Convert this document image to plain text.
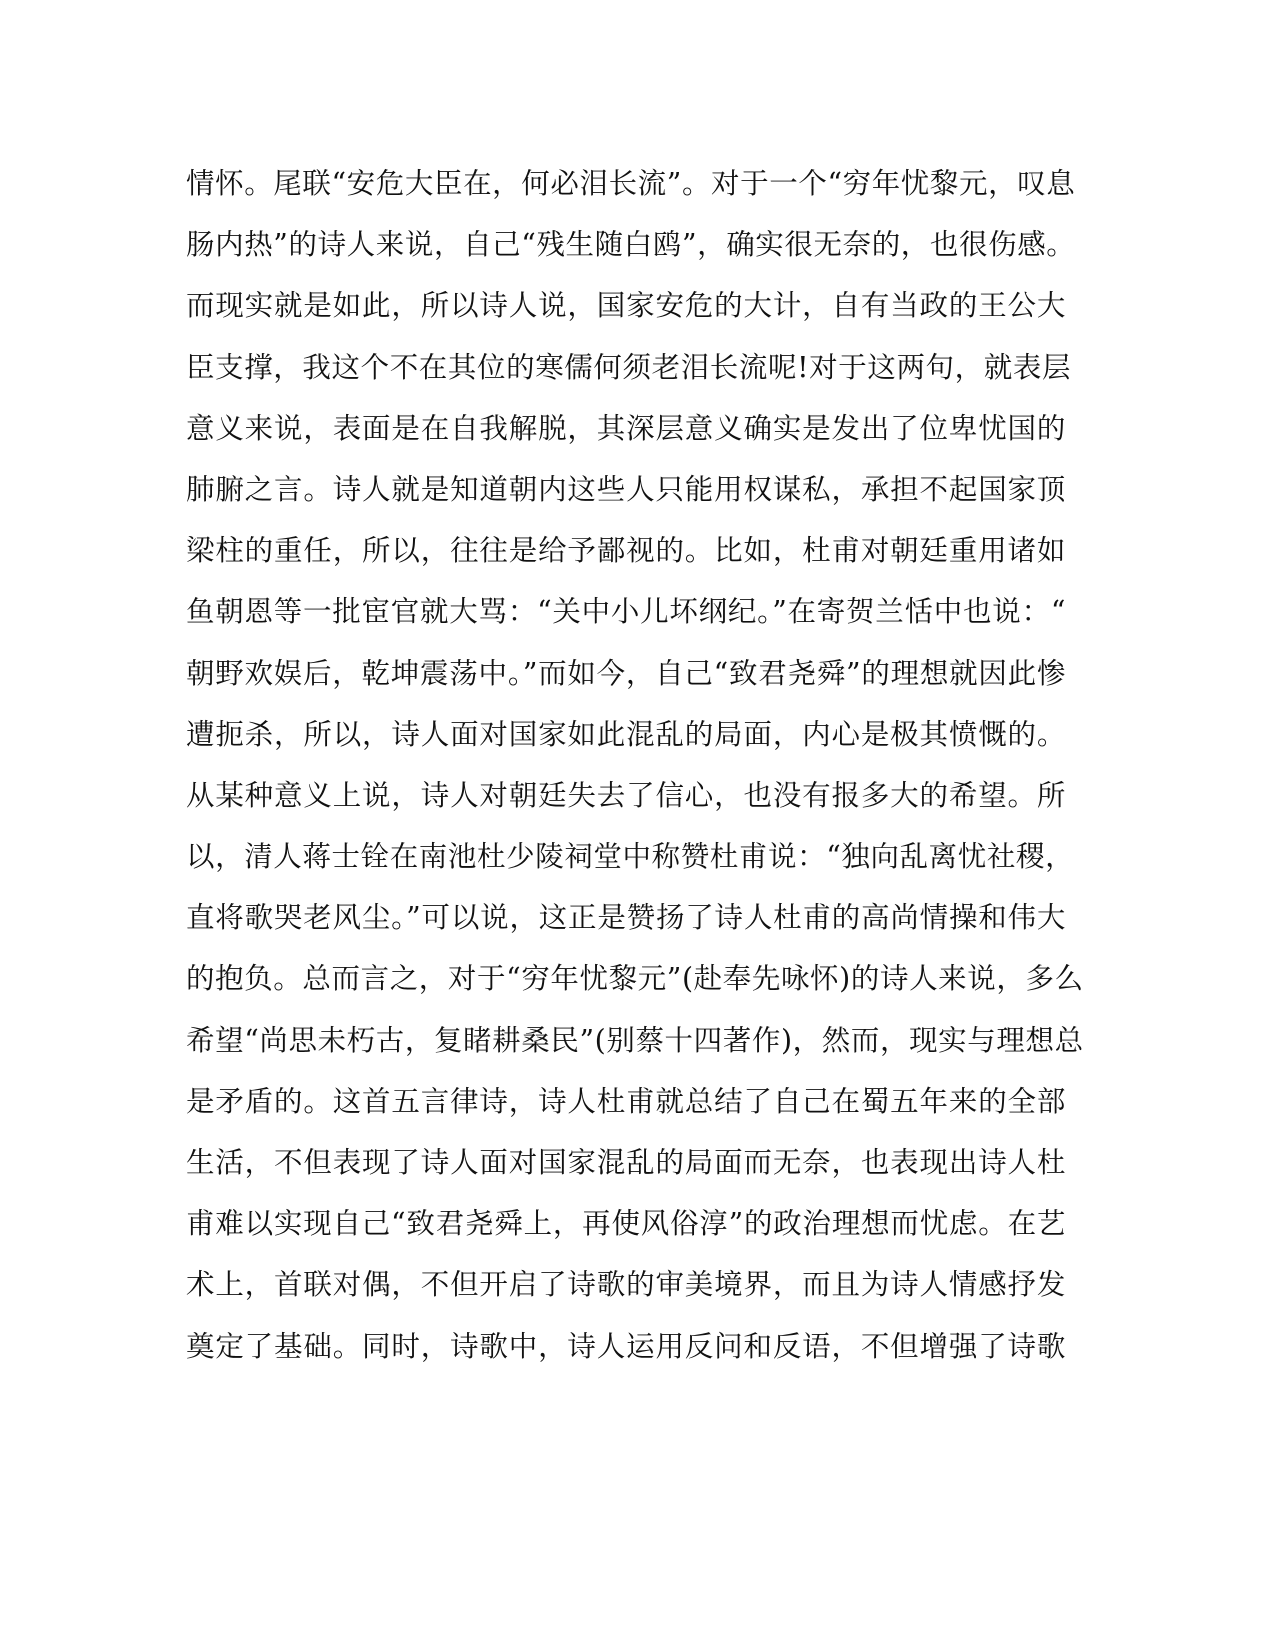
情怀。尾联“安危大臣在，何必泪长流”。对于一个“穷年忧黎元，叹息
肠内热”的诗人来说，自己“残生随白鸥”，确实很无奈的，也很伤感。
而现实就是如此，所以诗人说，国家安危的大计，自有当政的王公大
臣支撑，我这个不在其位的寒儒何须老泪长流呢!对于这两句，就表层
意义来说，表面是在自我解脱，其深层意义确实是发出了位卑忧国的
肺腑之言。诗人就是知道朝内这些人只能用权谋私，承担不起国家顶
梁柱的重任，所以，往往是给予鄙视的。比如，杜甫对朝廷重用诸如
鱼朝恩等一批宦官就大骂：“关中小儿坏纲纪。”在寄贺兰恬中也说：“
朝野欢娱后，乾坤震荡中。”而如今，自己“致君尧舜”的理想就因此惨
遭扼杀，所以，诗人面对国家如此混乱的局面，内心是极其愤慨的。
从某种意义上说，诗人对朝廷失去了信心，也没有报多大的希望。所
以，清人蒋士铨在南池杜少陵祠堂中称赞杜甫说：“独向乱离忧社稷，
直将歌哭老风尘。”可以说，这正是赞扬了诗人杜甫的高尚情操和伟大
的抱负。总而言之，对于“穷年忧黎元”(赴奉先咏怀)的诗人来说，多么
希望“尚思未朽古，复睹耕桑民”(别蔡十四著作)，然而，现实与理想总
是矛盾的。这首五言律诗，诗人杜甫就总结了自己在蜀五年来的全部
生活，不但表现了诗人面对国家混乱的局面而无奈，也表现出诗人杜
甫难以实现自己“致君尧舜上，再使风俗淳”的政治理想而忧虑。在艺
术上，首联对偶，不但开启了诗歌的审美境界，而且为诗人情感抒发
奠定了基础。同时，诗歌中，诗人运用反问和反语，不但增强了诗歌
